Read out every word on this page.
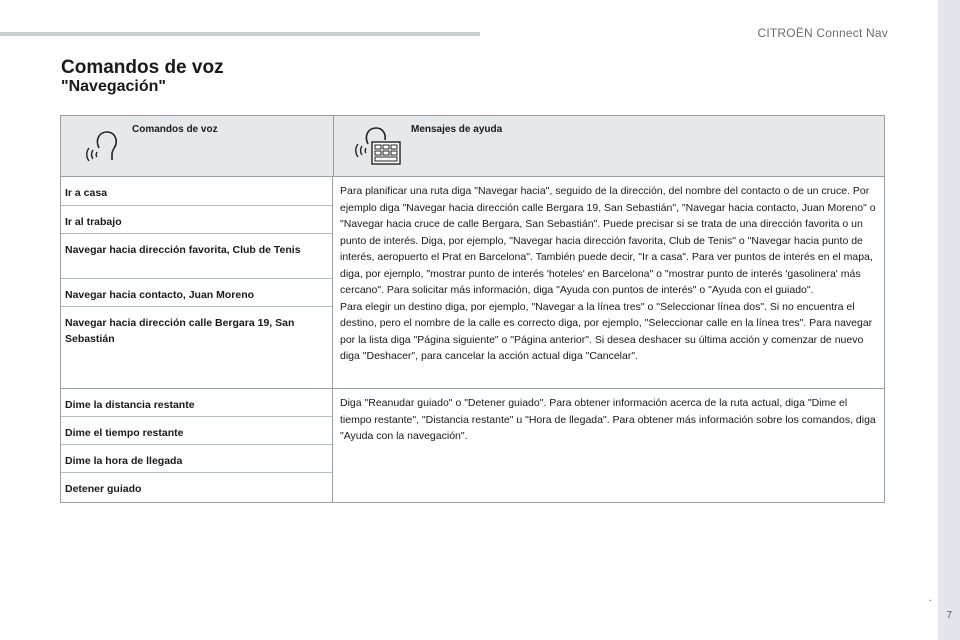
CITROËN Connect Nav
Comandos de voz
"Navegación"
Comandos de voz	Mensajes de ayuda
Ir a casa
Ir al trabajo
Navegar hacia dirección favorita, Club de Tenis
Navegar hacia contacto, Juan Moreno
Navegar hacia dirección calle Bergara 19, San Sebastián

Para planificar una ruta diga "Navegar hacia", seguido de la dirección, del nombre del contacto o de un cruce. Por ejemplo diga "Navegar hacia dirección calle Bergara 19, San Sebastián", "Navegar hacia contacto, Juan Moreno" o "Navegar hacia cruce de calle Bergara, San Sebastián". Puede precisar si se trata de una dirección favorita o un punto de interés. Diga, por ejemplo, "Navegar hacia dirección favorita, Club de Tenis" o "Navegar hacia punto de interés, aeropuerto el Prat en Barcelona". También puede decir, "Ir a casa". Para ver puntos de interés en el mapa, diga, por ejemplo, "mostrar punto de interés 'hoteles' en Barcelona" o "mostrar punto de interés 'gasolinera' más cercano". Para solicitar más información, diga "Ayuda con puntos de interés" o "Ayuda con el guiado".

Para elegir un destino diga, por ejemplo, "Navegar a la línea tres" o "Seleccionar línea dos". Si no encuentra el destino, pero el nombre de la calle es correcto diga, por ejemplo, "Seleccionar calle en la línea tres". Para navegar por la lista diga "Página siguiente" o "Página anterior". Si desea deshacer su última acción y comenzar de nuevo diga "Deshacer", para cancelar la acción actual diga "Cancelar".

Dime la distancia restante
Dime el tiempo restante
Dime la hora de llegada
Detener guiado

Diga "Reanudar guiado" o "Detener guiado". Para obtener información acerca de la ruta actual, diga "Dime el tiempo restante", "Distancia restante" u "Hora de llegada". Para obtener más información sobre los comandos, diga "Ayuda con la navegación".

.
7
